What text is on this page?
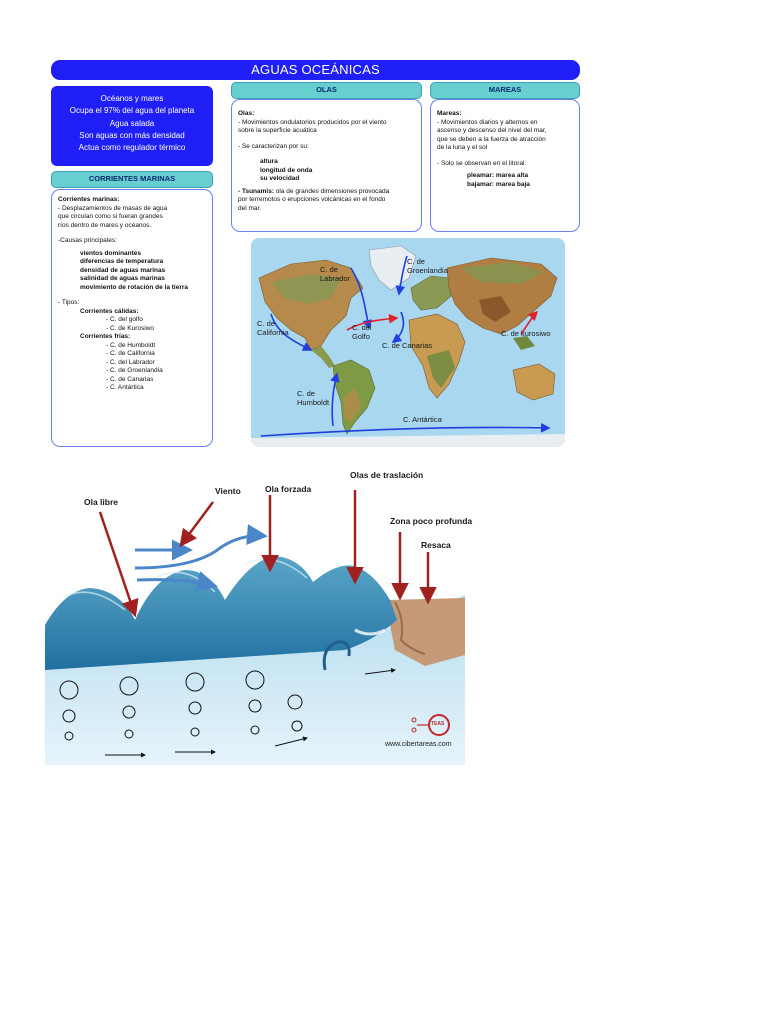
AGUAS OCEÁNICAS
Océanos y mares
Ocupa el 97% del agua del planeta
Agua salada
Son aguas con más densidad
Actua como regulador térmico
OLAS
Olas:
- Movimientos ondulatorios producidos por el viento
sobre la superficie acuática
- Se caracterizan por su:
altura
longitud de onda
su velocidad
- Tsunamis: ola de grandes dimensiones provocada
por terremotos o erupciones volcánicas en el fondo
del mar.
MAREAS
Mareas:
- Movimientos diarios y alternos en
ascenso y descenso del nivel del mar,
que se deben a la fuerza de atracción
de la luna y el sol
- Solo se observan en el litoral:
pleamar: marea alta
bajamar: marea baja
CORRIENTES MARINAS
Corrientes marinas:
- Desplazamientos de masas de agua
que circulan como si fueran grandes
ríos dentro de mares y océanos.
-Causas principales:
vientos dominantes
diferencias de temperatura
densidad de aguas marinas
salinidad de aguas marinas
movimiento de rotación de la tierra
- Tipos:
Corrientes cálidas:
- C. del golfo
- C. de Kurosiwo
Corrientes frías:
- C. de Humboldt
- C. de California
- C. del Labrador
- C. de Groenlandia
- C. de Canarias
- C. Antártica
C. de
Labrador
C. de
Groenlandia
C. de
California	C. del
Golfo
C. de Canarias
C. de kurosiwo
C. de
Humboldt
C. Antártica
Ola libre
Viento	Ola forzada
Olas de traslación
Zona poco profunda
Resaca
TEAS
www.cibertareas.com
